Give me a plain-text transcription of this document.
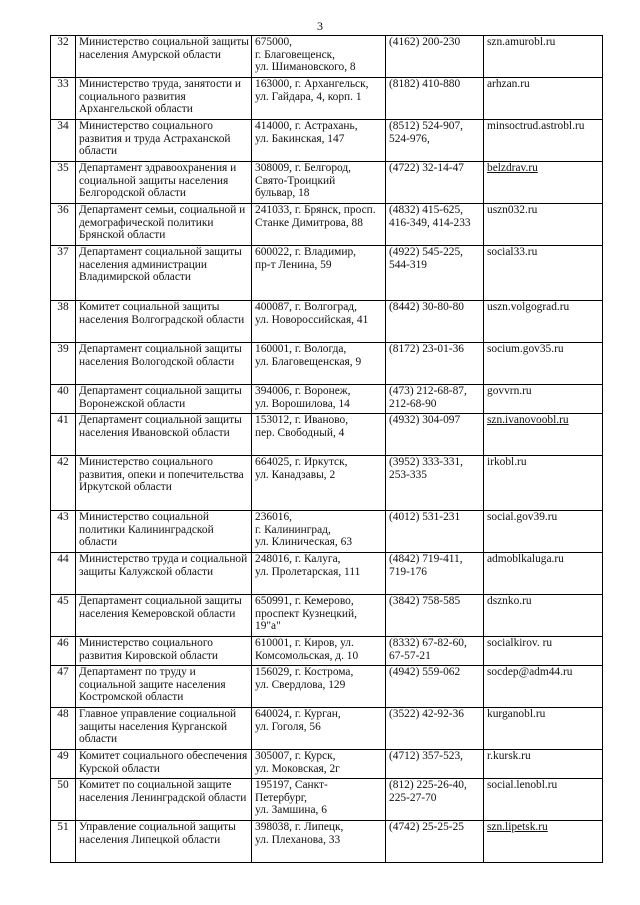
3
32	Министерство социальной защиты населения Амурской области	675000,
г. Благовещенск,
ул. Шимановского, 8	(4162) 200-230	szn.amurobl.ru
33	Министерство труда, занятости и социального развития Архангельской области	163000, г. Архангельск,
ул. Гайдара, 4, корп. 1	(8182) 410-880	arhzan.ru
34	Министерство социального развития и труда Астраханской области	414000, г. Астрахань,
ул. Бакинская, 147	(8512) 524-907,
524-976,	minsoctrud.astrobl.ru
35	Департамент здравоохранения и социальной защиты населения Белгородской области	308009, г. Белгород,
Свято-Троицкий
бульвар, 18	(4722) 32-14-47	belzdrav.ru
36	Департамент семьи, социальной и демографической политики Брянской области	241033, г. Брянск, просп.
Станке Димитрова, 88	(4832) 415-625,
416-349, 414-233	uszn032.ru
37	Департамент социальной защиты населения администрации Владимирской области	600022, г. Владимир,
пр-т Ленина, 59	(4922) 545-225,
544-319	social33.ru
38	Комитет социальной защиты населения Волгоградской области	400087, г. Волгоград,
ул. Новороссийская, 41	(8442) 30-80-80	uszn.volgograd.ru
39	Департамент социальной защиты населения Вологодской области	160001, г. Вологда,
ул. Благовещенская, 9	(8172) 23-01-36	socium.gov35.ru
40	Департамент социальной защиты Воронежской области	394006, г. Воронеж,
ул. Ворошилова, 14	(473) 212-68-87,
212-68-90	govvrn.ru
41	Департамент социальной защиты населения Ивановской области	153012, г. Иваново,
пер. Свободный, 4	(4932) 304-097	szn.ivanovoobl.ru
42	Министерство социального развития, опеки и попечительства Иркутской области	664025, г. Иркутск,
ул. Канадзавы, 2	(3952) 333-331,
253-335	irkobl.ru
43	Министерство социальной политики Калининградской области	236016,
г. Калининград,
ул. Клиническая, 63	(4012) 531-231	social.gov39.ru
44	Министерство труда и социальной защиты Калужской области	248016, г. Калуга,
ул. Пролетарская, 111	(4842) 719-411,
719-176	admoblkaluga.ru
45	Департамент социальной защиты населения Кемеровской области	650991, г. Кемерово,
проспект Кузнецкий,
19"а"	(3842) 758-585	dsznko.ru
46	Министерство социального развития Кировской области	610001, г. Киров, ул.
Комсомольская, д. 10	(8332) 67-82-60,
67-57-21	socialkirov. ru
47	Департамент по труду и социальной защите населения Костромской области	156029, г. Кострома,
ул. Свердлова, 129	(4942) 559-062	socdep@adm44.ru
48	Главное управление социальной защиты населения Курганской области	640024, г. Курган,
ул. Гоголя, 56	(3522) 42-92-36	kurganobl.ru
49	Комитет социального обеспечения Курской области	305007, г. Курск,
ул. Моковская, 2г	(4712) 357-523,	r.kursk.ru
50	Комитет по социальной защите населения Ленинградской области	195197, Санкт-
Петербург,
ул. Замшина, 6	(812) 225-26-40,
225-27-70	social.lenobl.ru
51	Управление социальной защиты населения Липецкой области	398038, г. Липецк,
ул. Плеханова, 33	(4742) 25-25-25	szn.lipetsk.ru
